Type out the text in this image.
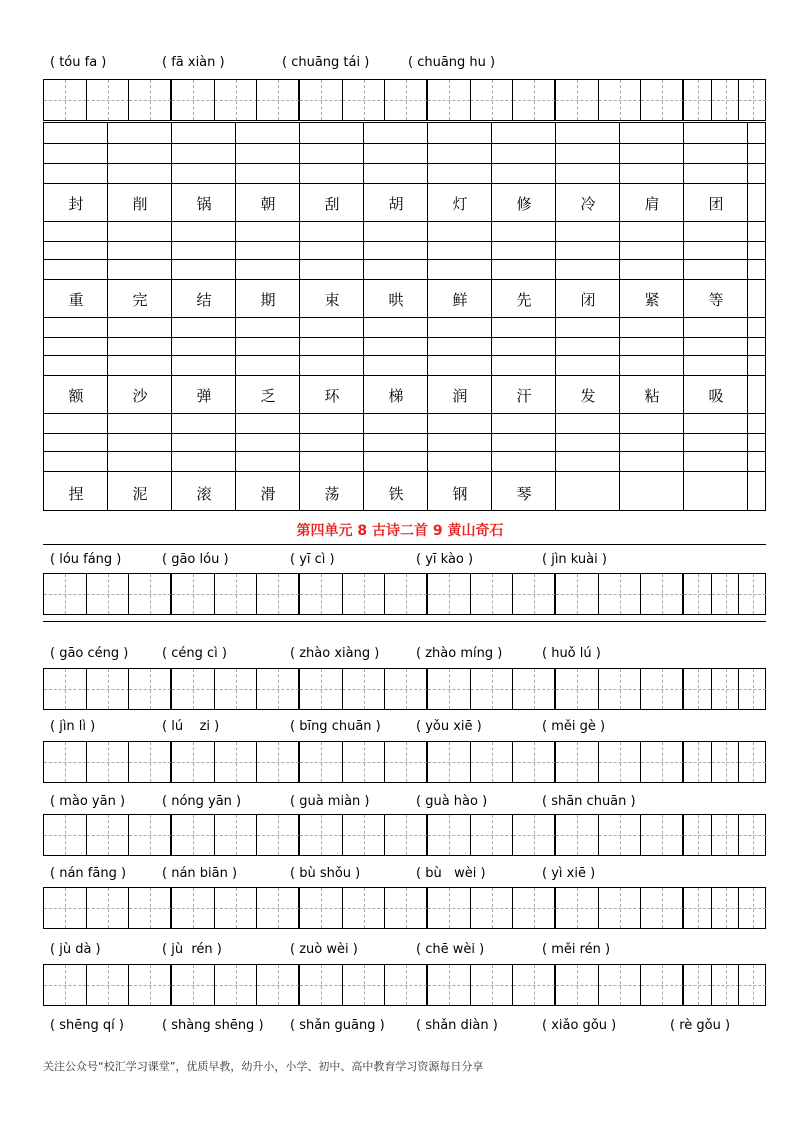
( tóu fa )

	( fā xiàn )

	( chuāng tái )

	( chuāng hu )

封	削	锅	朝	刮	胡	灯	修	冷	肩	团
重	完	结	期	束	哄	鲜	先	闭	紧	等
额	沙	弹	乏	环	梯	润	汗	发	粘	吸
捏	泥	滚	滑	荡	铁	钢	琴
第四单元 8 古诗二首 9 黄山奇石
关注公众号“校汇学习课堂”，优质早教，幼升小，小学、初中、高中教育学习资源每日分享
( lóu fáng )	( gāo lóu )	( yī cì )	( yī kào )	( jìn kuài )
( gāo céng )	( céng cì )	( zhào xiàng )	( zhào míng )	( huǒ lú )
( jìn lì )	( lú    zi )	( bīng chuān )	( yǒu xiē )	( měi gè )
( mào yān )	( nóng yān )	( guà miàn )	( guà hào )	( shān chuān )
( nán fāng )	( nán biān )	( bù shǒu )	( bù   wèi )	( yì xiē )
( jù dà )	( jù  rén )	( zuò wèi )	( chē wèi )	( měi rén )
( shēng qí )	( shàng shēng ) ( shǎn guāng ) ( shǎn diàn )	( xiǎo gǒu )	( rè gǒu )
